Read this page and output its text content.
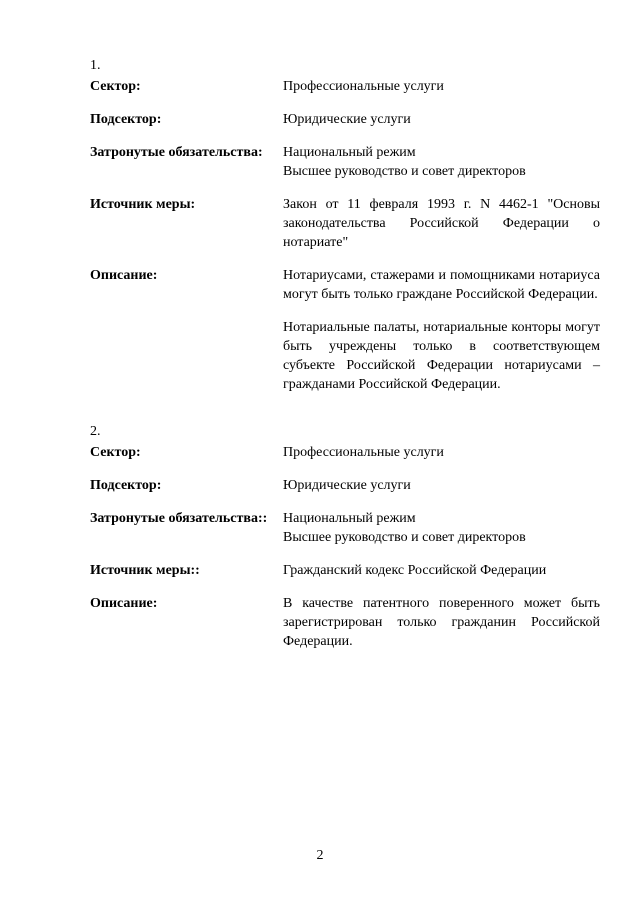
1.
Сектор:	Профессиональные услуги

Подсектор:	Юридические услуги

Затронутые обязательства:	Национальный режим

Высшее руководство и совет директоров

Источник меры:	Закон от 11 февраля 1993 г. N 4462-1 "Основы законодательства Российской Федерации о нотариате"

Описание:	Нотариусами, стажерами и помощниками нотариуса могут быть только граждане Российской Федерации.

Нотариальные палаты, нотариальные конторы могут быть учреждены только в соответствующем субъекте Российской Федерации нотариусами – гражданами Российской Федерации.

2.
Сектор:	Профессиональные услуги

Подсектор:	Юридические услуги

Затронутые обязательства::	Национальный режим

Высшее руководство и совет директоров

Источник меры::	Гражданский кодекс Российской Федерации

Описание:	В качестве патентного поверенного может быть зарегистрирован только гражданин Российской Федерации.

2
